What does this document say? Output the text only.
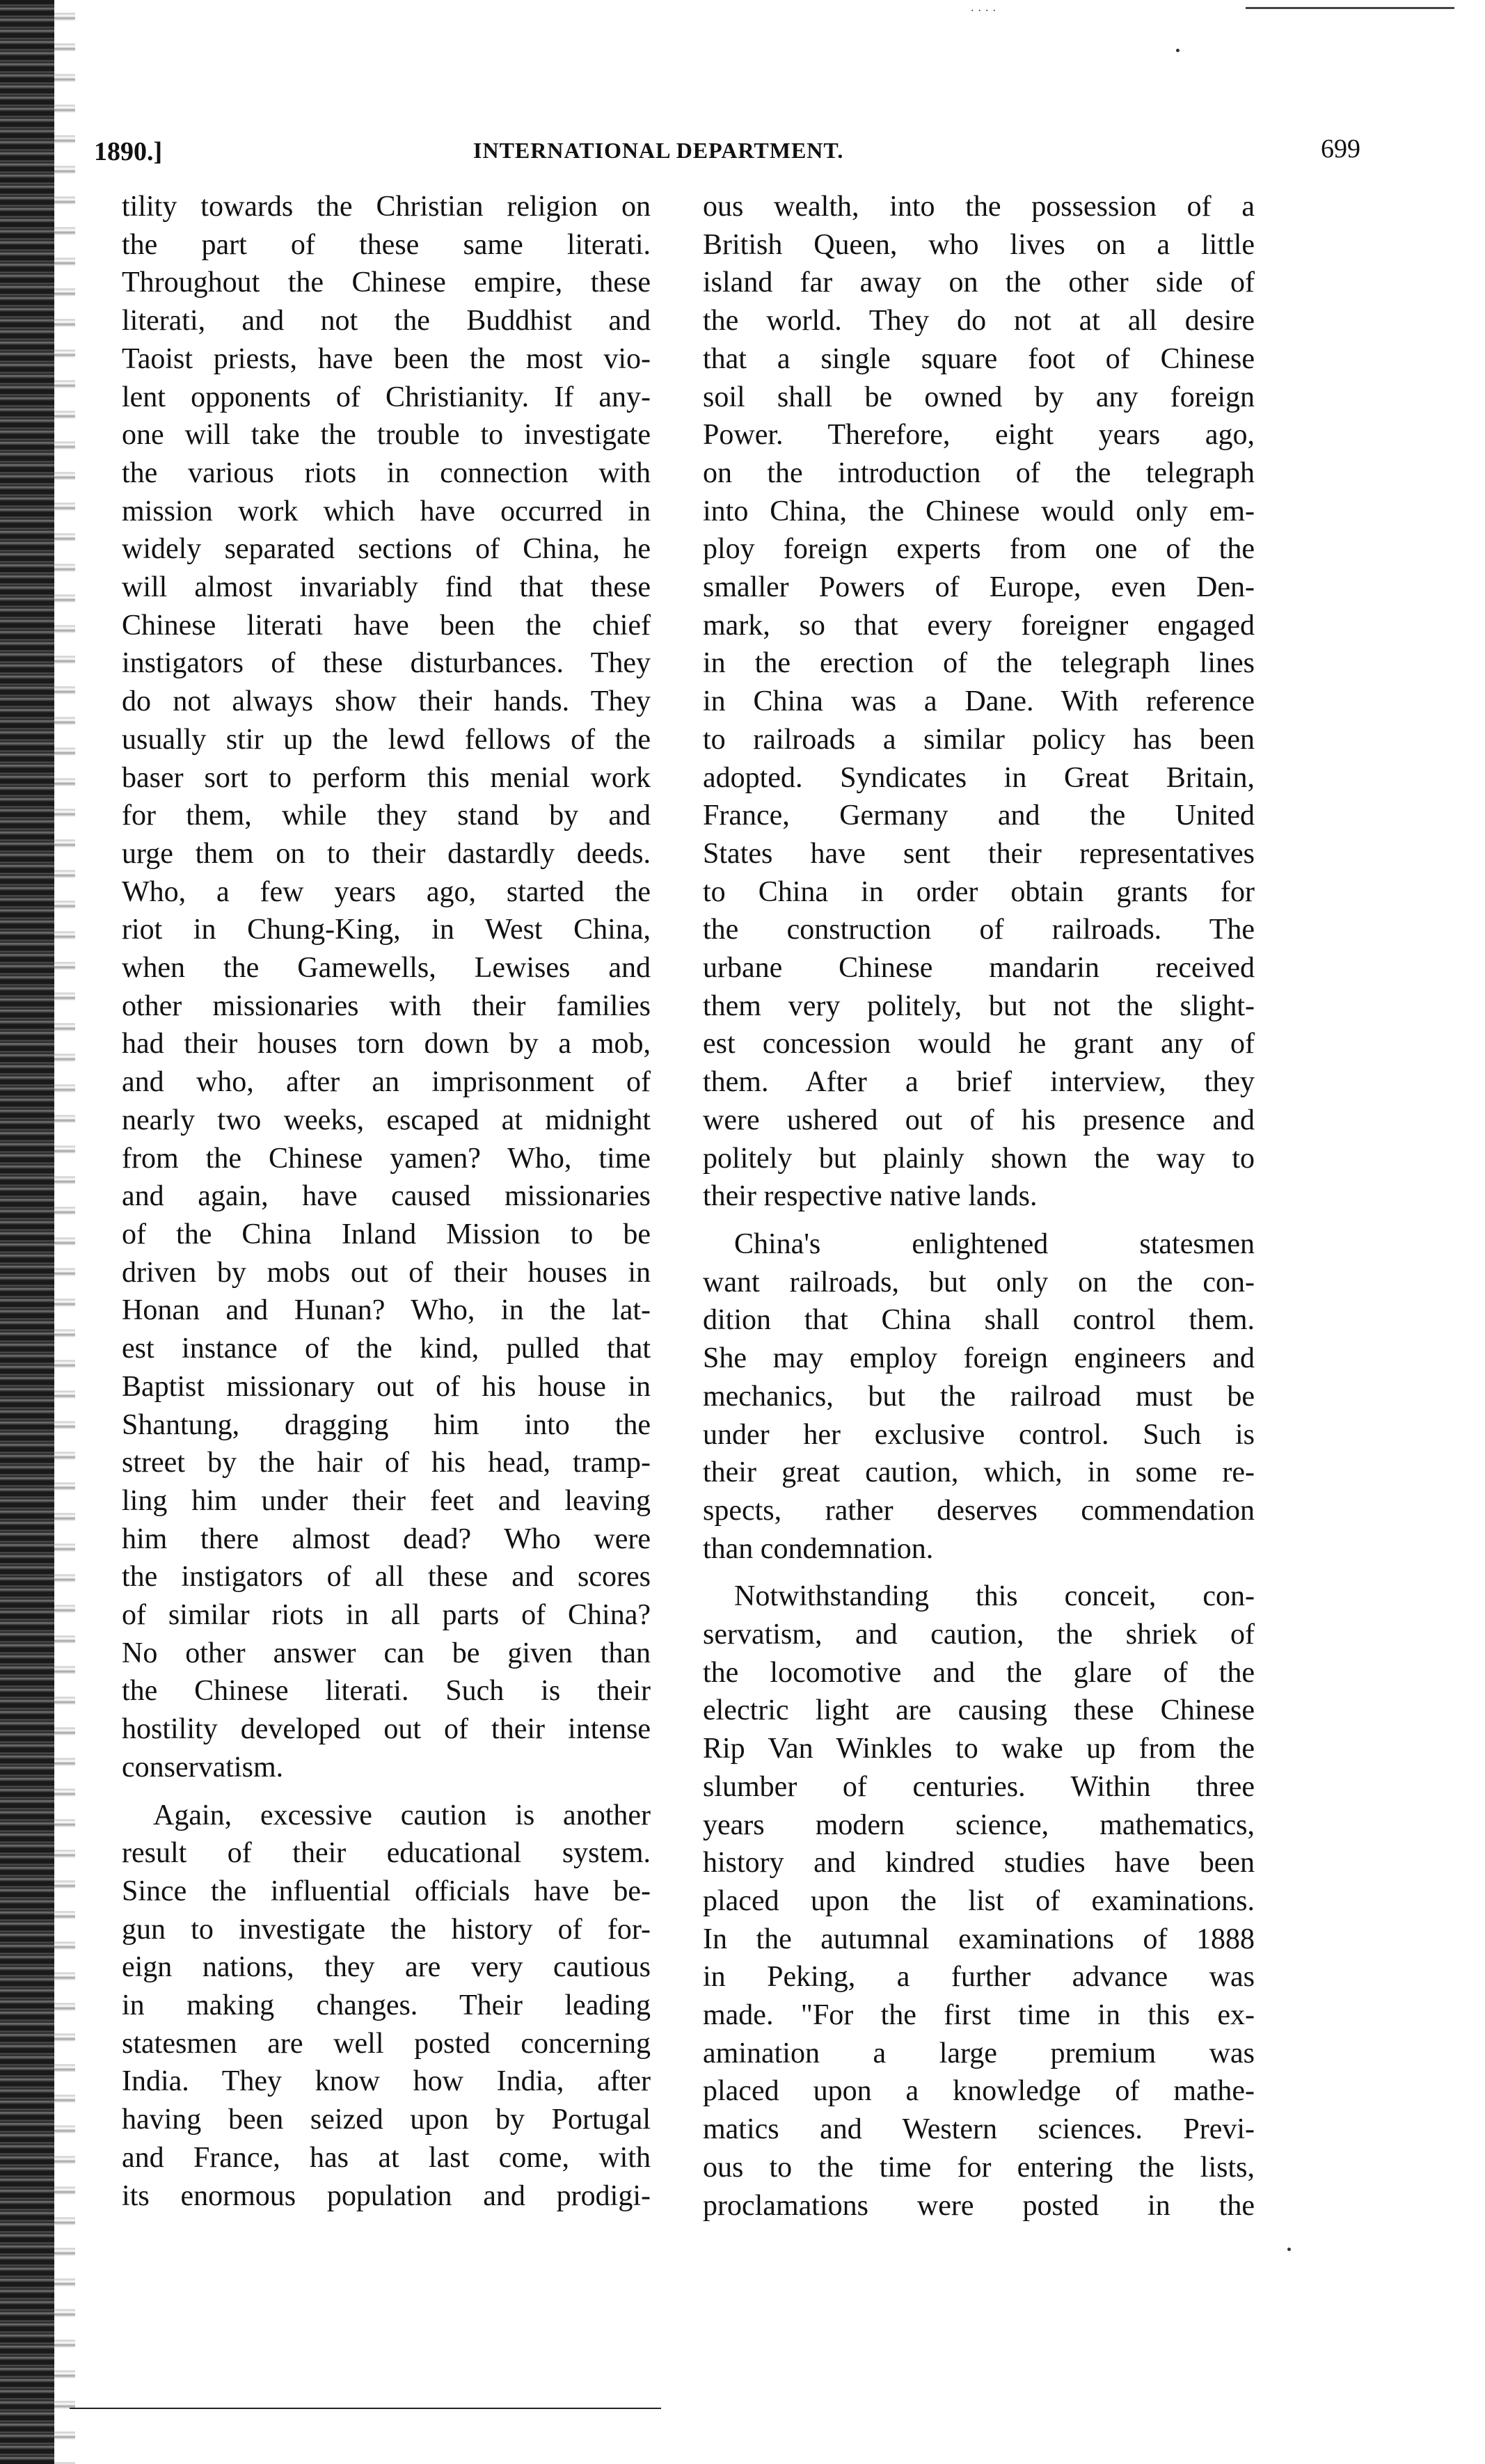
....
1890.]	INTERNATIONAL DEPARTMENT.	699
tility towards the Christian religion on
the part of these same literati.
Throughout the Chinese empire, these
literati, and not the Buddhist and
Taoist priests, have been the most vio-
lent opponents of Christianity. If any-
one will take the trouble to investigate
the various riots in connection with
mission work which have occurred in
widely separated sections of China, he
will almost invariably find that these
Chinese literati have been the chief
instigators of these disturbances. They
do not always show their hands. They
usually stir up the lewd fellows of the
baser sort to perform this menial work
for them, while they stand by and
urge them on to their dastardly deeds.
Who, a few years ago, started the
riot in Chung-King, in West China,
when the Gamewells, Lewises and
other missionaries with their families
had their houses torn down by a mob,
and who, after an imprisonment of
nearly two weeks, escaped at midnight
from the Chinese yamen? Who, time
and again, have caused missionaries
of the China Inland Mission to be
driven by mobs out of their houses in
Honan and Hunan? Who, in the lat-
est instance of the kind, pulled that
Baptist missionary out of his house in
Shantung, dragging him into the
street by the hair of his head, tramp-
ling him under their feet and leaving
him there almost dead? Who were
the instigators of all these and scores
of similar riots in all parts of China?
No other answer can be given than
the Chinese literati. Such is their
hostility developed out of their intense
conservatism.
Again, excessive caution is another
result of their educational system.
Since the influential officials have be-
gun to investigate the history of for-
eign nations, they are very cautious
in making changes. Their leading
statesmen are well posted concerning
India. They know how India, after
having been seized upon by Portugal
and France, has at last come, with
its enormous population and prodigi-
ous wealth, into the possession of a
British Queen, who lives on a little
island far away on the other side of
the world. They do not at all desire
that a single square foot of Chinese
soil shall be owned by any foreign
Power. Therefore, eight years ago,
on the introduction of the telegraph
into China, the Chinese would only em-
ploy foreign experts from one of the
smaller Powers of Europe, even Den-
mark, so that every foreigner engaged
in the erection of the telegraph lines
in China was a Dane. With reference
to railroads a similar policy has been
adopted. Syndicates in Great Britain,
France, Germany and the United
States have sent their representatives
to China in order obtain grants for
the construction of railroads. The
urbane Chinese mandarin received
them very politely, but not the slight-
est concession would he grant any of
them. After a brief interview, they
were ushered out of his presence and
politely but plainly shown the way to
their respective native lands.
China's enlightened statesmen
want railroads, but only on the con-
dition that China shall control them.
She may employ foreign engineers and
mechanics, but the railroad must be
under her exclusive control. Such is
their great caution, which, in some re-
spects, rather deserves commendation
than condemnation.
Notwithstanding this conceit, con-
servatism, and caution, the shriek of
the locomotive and the glare of the
electric light are causing these Chinese
Rip Van Winkles to wake up from the
slumber of centuries. Within three
years modern science, mathematics,
history and kindred studies have been
placed upon the list of examinations.
In the autumnal examinations of 1888
in Peking, a further advance was
made. "For the first time in this ex-
amination a large premium was
placed upon a knowledge of mathe-
matics and Western sciences. Previ-
ous to the time for entering the lists,
proclamations were posted in the
